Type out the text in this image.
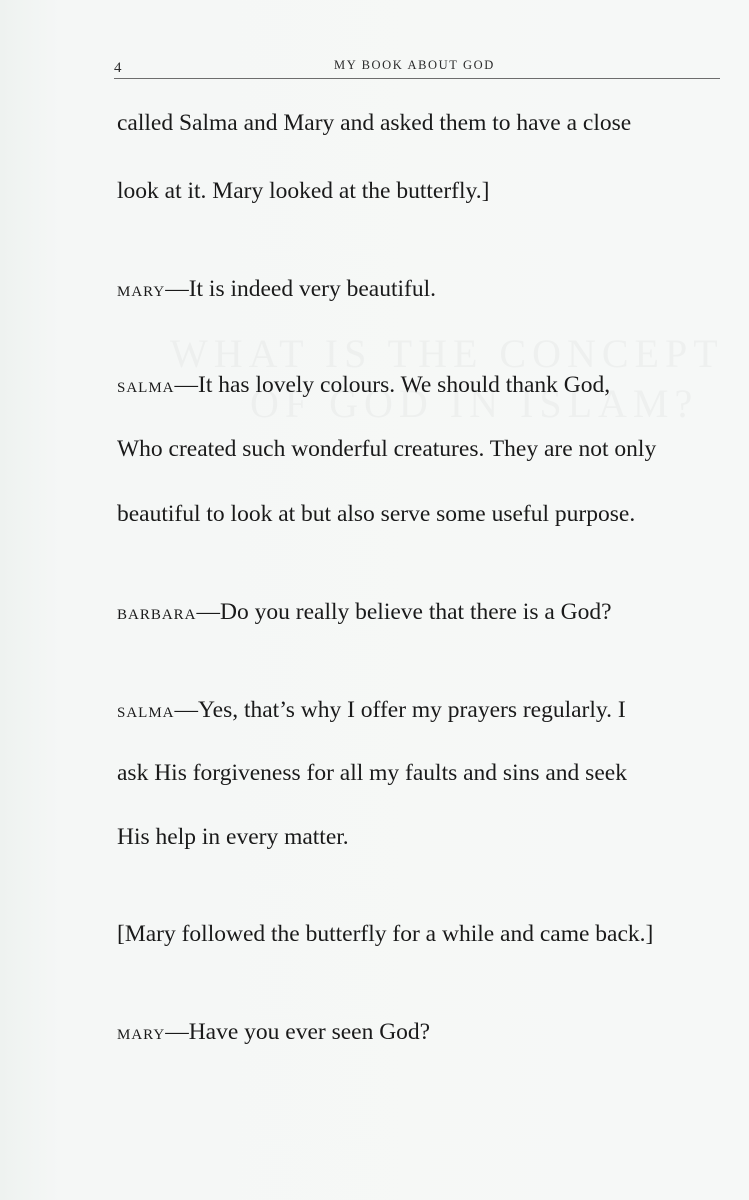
4	MY BOOK ABOUT GOD
called Salma and Mary and asked them to have a close
look at it. Mary looked at the butterfly.]
mary—It is indeed very beautiful.
salma—It has lovely colours. We should thank God,
Who created such wonderful creatures. They are not only
beautiful to look at but also serve some useful purpose.
barbara—Do you really believe that there is a God?
salma—Yes, that’s why I offer my prayers regularly. I
ask His forgiveness for all my faults and sins and seek
His help in every matter.
[Mary followed the butterfly for a while and came back.]
mary—Have you ever seen God?
